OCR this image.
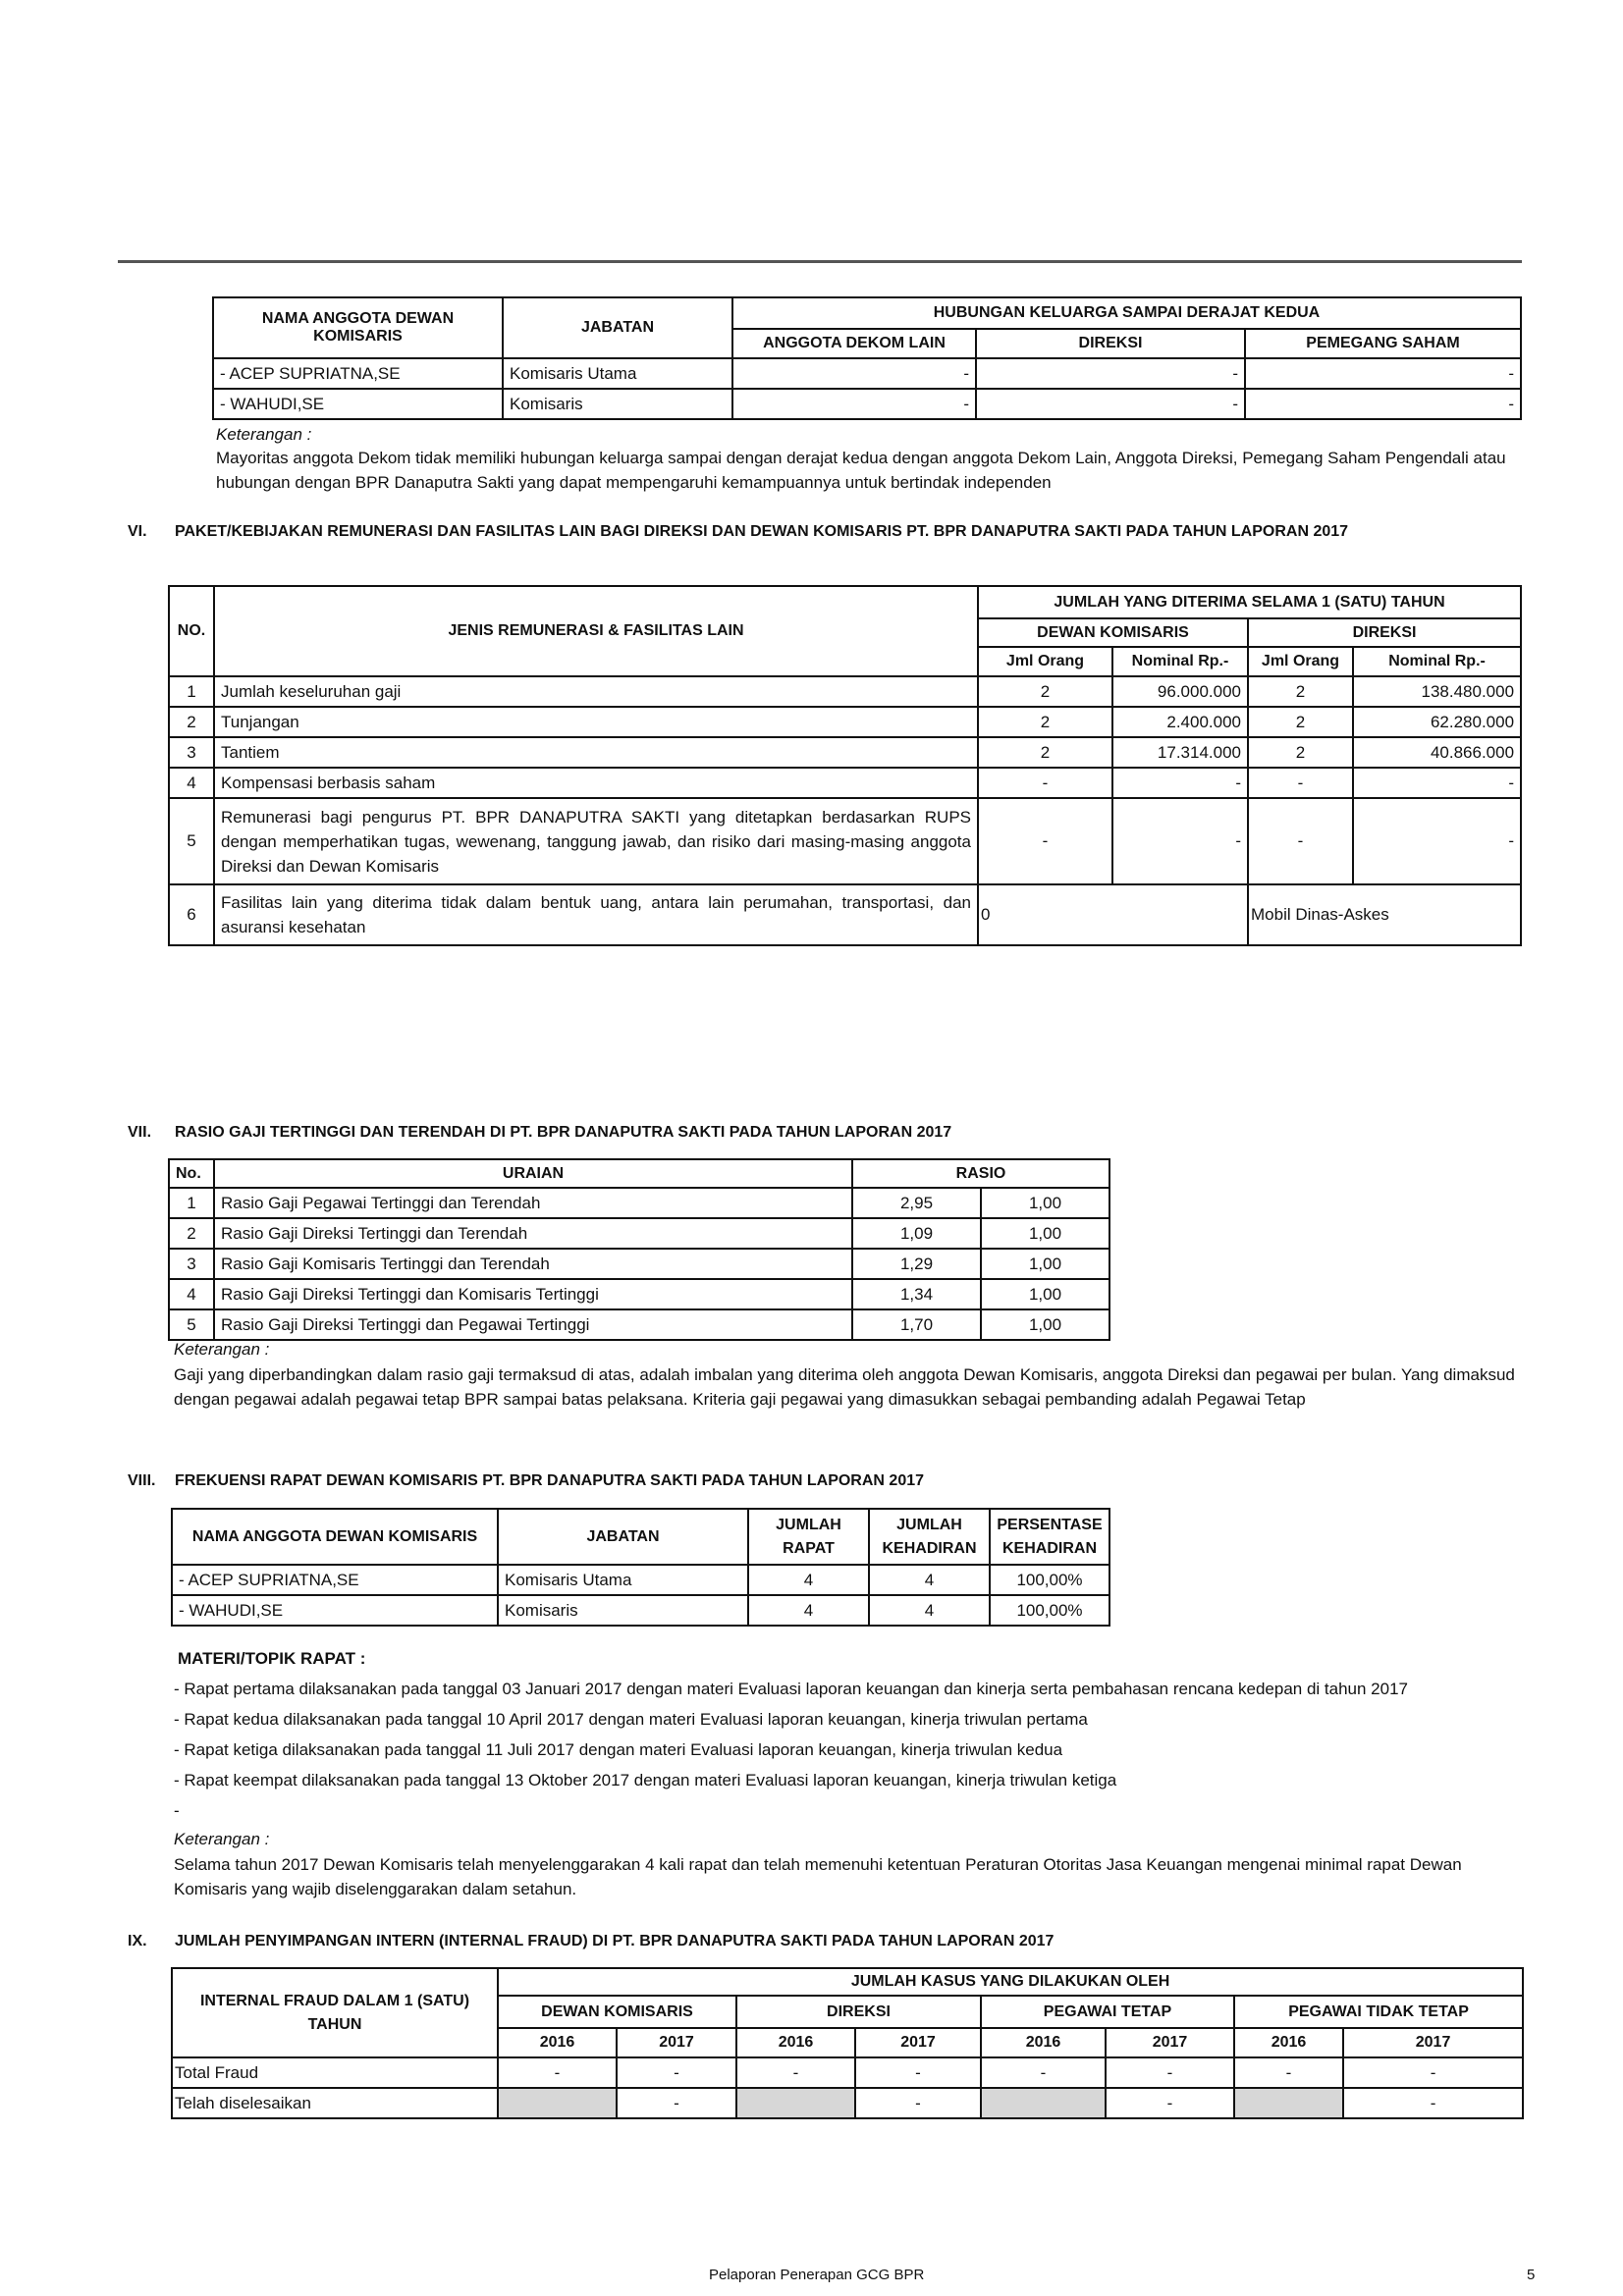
NAMA ANGGOTA DEWAN KOMISARIS	JABATAN	HUBUNGAN KELUARGA SAMPAI DERAJAT KEDUA		
		ANGGOTA DEKOM LAIN	DIREKSI	PEMEGANG SAHAM
- ACEP SUPRIATNA,SE	Komisaris Utama	-	-	-
- WAHUDI,SE	Komisaris	-	-	-
Keterangan :
Mayoritas anggota Dekom tidak memiliki hubungan keluarga sampai dengan derajat kedua dengan anggota Dekom Lain, Anggota Direksi, Pemegang Saham Pengendali atau hubungan dengan BPR Danaputra Sakti yang dapat mempengaruhi kemampuannya untuk bertindak independen
VI. PAKET/KEBIJAKAN REMUNERASI DAN FASILITAS LAIN BAGI DIREKSI DAN DEWAN KOMISARIS PT. BPR DANAPUTRA SAKTI PADA TAHUN LAPORAN 2017
NO.	JENIS REMUNERASI & FASILITAS LAIN	JUMLAH YANG DITERIMA SELAMA 1 (SATU) TAHUN			
		DEWAN KOMISARIS		DIREKSI	
		Jml Orang	Nominal Rp.-	Jml Orang	Nominal Rp.-
1	Jumlah keseluruhan gaji	2	96.000.000	2	138.480.000
2	Tunjangan	2	2.400.000	2	62.280.000
3	Tantiem	2	17.314.000	2	40.866.000
4	Kompensasi berbasis saham	-	-	-	-
5	Remunerasi bagi pengurus PT. BPR DANAPUTRA SAKTI yang ditetapkan berdasarkan RUPS dengan memperhatikan tugas, wewenang, tanggung jawab, dan risiko dari masing-masing anggota Direksi dan Dewan Komisaris	-	-	-	-
6	Fasilitas lain yang diterima tidak dalam bentuk uang, antara lain perumahan, transportasi, dan asuransi kesehatan	0		Mobil Dinas-Askes	
VII. RASIO GAJI TERTINGGI DAN TERENDAH DI PT. BPR DANAPUTRA SAKTI PADA TAHUN LAPORAN 2017
No.	URAIAN	RASIO	
1	Rasio Gaji Pegawai Tertinggi dan Terendah	2,95	1,00
2	Rasio Gaji Direksi Tertinggi dan Terendah	1,09	1,00
3	Rasio Gaji Komisaris Tertinggi dan Terendah	1,29	1,00
4	Rasio Gaji Direksi Tertinggi dan Komisaris Tertinggi	1,34	1,00
5	Rasio Gaji Direksi Tertinggi dan Pegawai Tertinggi	1,70	1,00
Keterangan :
Gaji yang diperbandingkan dalam rasio gaji termaksud di atas, adalah imbalan yang diterima oleh anggota Dewan Komisaris, anggota Direksi dan pegawai per bulan. Yang dimaksud dengan pegawai adalah pegawai tetap BPR sampai batas pelaksana. Kriteria gaji pegawai yang dimasukkan sebagai pembanding adalah Pegawai Tetap
VIII. FREKUENSI RAPAT DEWAN KOMISARIS PT. BPR DANAPUTRA SAKTI PADA TAHUN LAPORAN 2017
NAMA ANGGOTA DEWAN KOMISARIS	JABATAN	JUMLAH RAPAT	JUMLAH KEHADIRAN	PERSENTASE KEHADIRAN
- ACEP SUPRIATNA,SE	Komisaris Utama	4	4	100,00%
- WAHUDI,SE	Komisaris	4	4	100,00%
MATERI/TOPIK RAPAT :
- Rapat pertama dilaksanakan pada tanggal 03 Januari 2017 dengan materi Evaluasi laporan keuangan dan kinerja serta pembahasan rencana kedepan di tahun 2017
- Rapat kedua dilaksanakan pada tanggal 10 April 2017 dengan materi Evaluasi laporan keuangan, kinerja triwulan pertama
- Rapat ketiga dilaksanakan pada tanggal 11 Juli 2017 dengan materi Evaluasi laporan keuangan, kinerja triwulan kedua
- Rapat keempat dilaksanakan pada tanggal 13 Oktober 2017 dengan materi Evaluasi laporan keuangan, kinerja triwulan ketiga
-
Keterangan :
Selama tahun 2017 Dewan Komisaris telah menyelenggarakan 4 kali rapat dan telah memenuhi ketentuan Peraturan Otoritas Jasa Keuangan mengenai minimal rapat Dewan Komisaris yang wajib diselenggarakan dalam setahun.
IX. JUMLAH PENYIMPANGAN INTERN (INTERNAL FRAUD) DI PT. BPR DANAPUTRA SAKTI PADA TAHUN LAPORAN 2017
INTERNAL FRAUD DALAM 1 (SATU) TAHUN	JUMLAH KASUS YANG DILAKUKAN OLEH							
	DEWAN KOMISARIS		DIREKSI		PEGAWAI TETAP		PEGAWAI TIDAK TETAP	
	2016	2017	2016	2017	2016	2017	2016	2017
Total Fraud	-	-	-	-	-	-	-	-
Telah diselesaikan		-		-		-		-
Pelaporan Penerapan GCG BPR	5
